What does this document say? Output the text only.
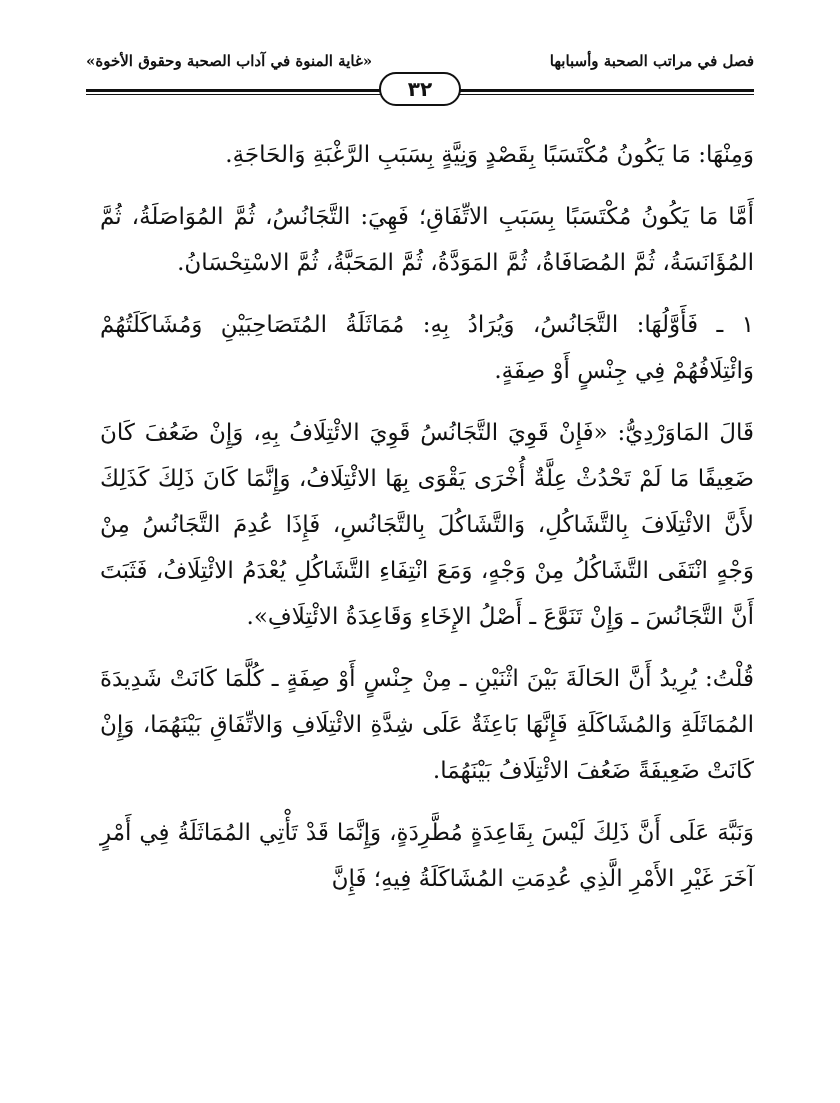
فصل في مراتب الصحبة وأسبابها
«غاية المنوة في آداب الصحبة وحقوق الأخوة»
٣٢

وَمِنْهَا: مَا يَكُونُ مُكْتَسَبًا بِقَصْدٍ وَنِيَّةٍ بِسَبَبِ الرَّغْبَةِ وَالحَاجَةِ.

أَمَّا مَا يَكُونُ مُكْتَسَبًا بِسَبَبِ الاتِّفَاقِ؛ فَهِيَ: التَّجَانُسُ، ثُمَّ المُوَاصَلَةُ، ثُمَّ المُؤَانَسَةُ، ثُمَّ المُصَافَاةُ، ثُمَّ المَوَدَّةُ، ثُمَّ المَحَبَّةُ، ثُمَّ الاسْتِحْسَانُ.

١ ـ فَأَوَّلُهَا: التَّجَانُسُ، وَيُرَادُ بِهِ: مُمَاثَلَةُ المُتَصَاحِبَيْنِ وَمُشَاكَلَتُهُمْ وَائْتِلَافُهُمْ فِي جِنْسٍ أَوْ صِفَةٍ.

قَالَ المَاوَرْدِيُّ: «فَإِنْ قَوِيَ التَّجَانُسُ قَوِيَ الائْتِلَافُ بِهِ، وَإِنْ ضَعُفَ كَانَ ضَعِيفًا مَا لَمْ تَحْدُثْ عِلَّةٌ أُخْرَى يَقْوَى بِهَا الائْتِلَافُ، وَإِنَّمَا كَانَ ذَلِكَ كَذَلِكَ لأَنَّ الائْتِلَافَ بِالتَّشَاكُلِ، وَالتَّشَاكُلَ بِالتَّجَانُسِ، فَإِذَا عُدِمَ التَّجَانُسُ مِنْ وَجْهٍ انْتَفَى التَّشَاكُلُ مِنْ وَجْهٍ، وَمَعَ انْتِفَاءِ التَّشَاكُلِ يُعْدَمُ الائْتِلَافُ، فَثَبَتَ أَنَّ التَّجَانُسَ ـ وَإِنْ تَنَوَّعَ ـ أَصْلُ الإِخَاءِ وَقَاعِدَةُ الائْتِلَافِ».

قُلْتُ: يُرِيدُ أَنَّ الحَالَةَ بَيْنَ اثْنَيْنِ ـ مِنْ جِنْسٍ أَوْ صِفَةٍ ـ كُلَّمَا كَانَتْ شَدِيدَةَ المُمَاثَلَةِ وَالمُشَاكَلَةِ فَإِنَّهَا بَاعِثَةٌ عَلَى شِدَّةِ الائْتِلَافِ وَالاتِّفَاقِ بَيْنَهُمَا، وَإِنْ كَانَتْ ضَعِيفَةً ضَعُفَ الائْتِلَافُ بَيْنَهُمَا.

وَنَبَّهَ عَلَى أَنَّ ذَلِكَ لَيْسَ بِقَاعِدَةٍ مُطَّرِدَةٍ، وَإِنَّمَا قَدْ تَأْتِي المُمَاثَلَةُ فِي أَمْرٍ آخَرَ غَيْرِ الأَمْرِ الَّذِي عُدِمَتِ المُشَاكَلَةُ فِيهِ؛ فَإِنَّ
